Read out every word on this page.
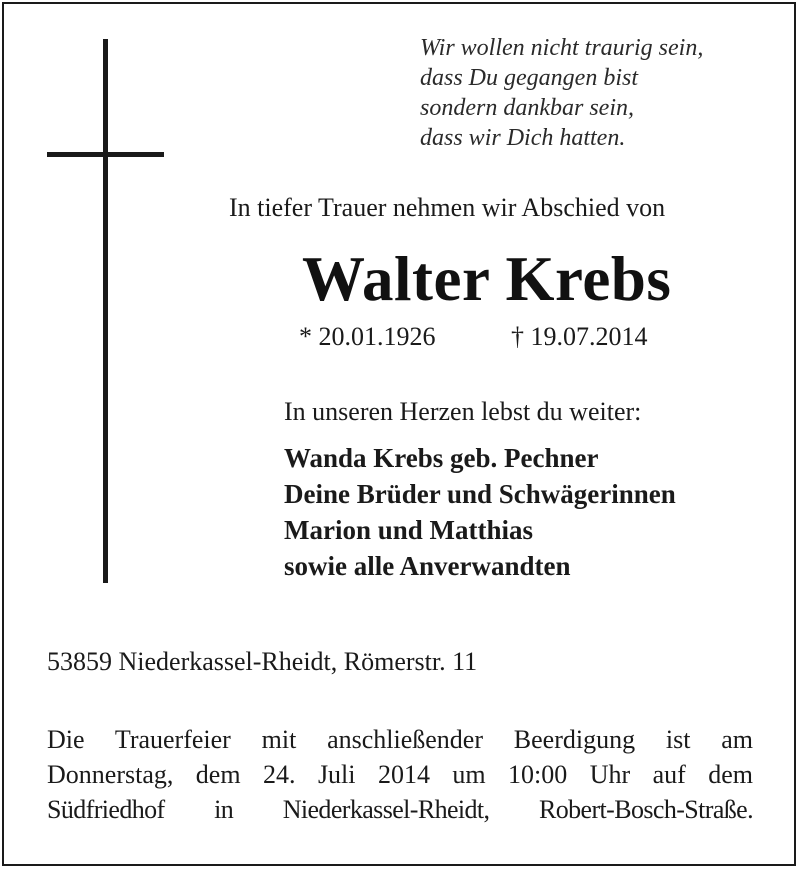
Wir wollen nicht traurig sein,
dass Du gegangen bist
sondern dankbar sein,
dass wir Dich hatten.
In tiefer Trauer nehmen wir Abschied von
Walter Krebs
* 20.01.1926	† 19.07.2014
In unseren Herzen lebst du weiter:
Wanda Krebs geb. Pechner
Deine Brüder und Schwägerinnen
Marion und Matthias
sowie alle Anverwandten
53859 Niederkassel-Rheidt, Römerstr. 11
Die Trauerfeier mit anschließender Beerdigung ist am
Donnerstag, dem 24. Juli 2014 um 10:00 Uhr auf dem
Südfriedhof in Niederkassel-Rheidt, Robert-Bosch-Straße.
